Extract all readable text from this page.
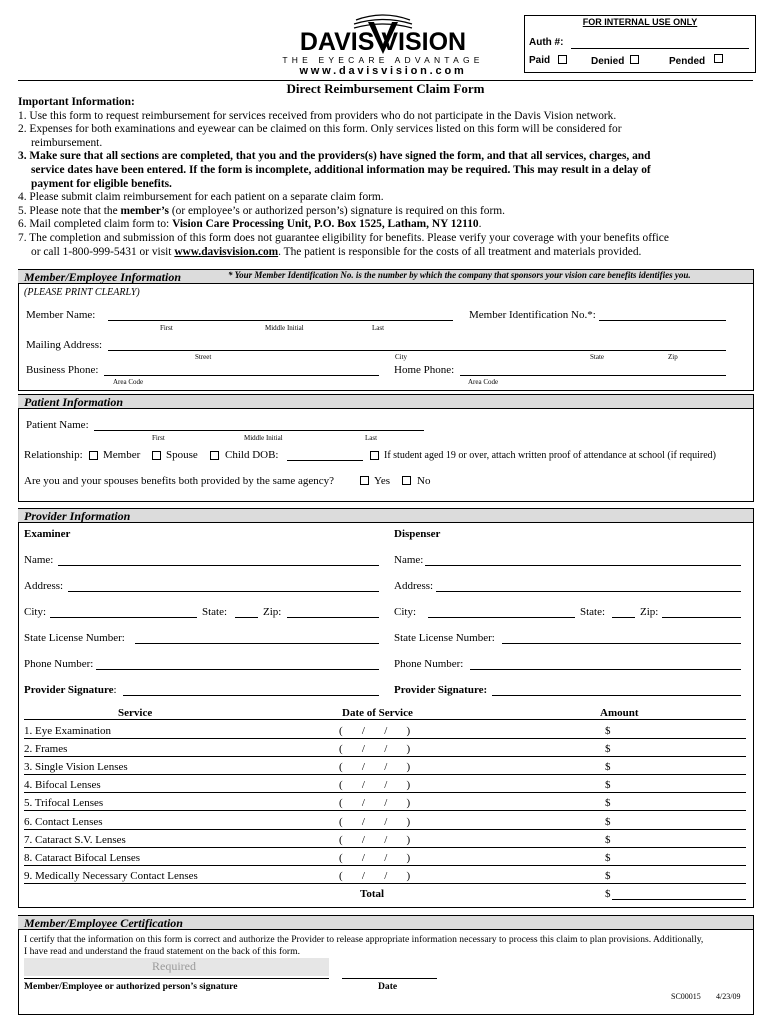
DAVIS VISION
THE EYECARE ADVANTAGE
www.davisvision.com
FOR INTERNAL USE ONLY
Auth #:
Paid	Denied	Pended
Direct Reimbursement Claim Form
Important Information:
1. Use this form to request reimbursement for services received from providers who do not participate in the Davis Vision network.
2. Expenses for both examinations and eyewear can be claimed on this form. Only services listed on this form will be considered for
reimbursement.
3. Make sure that all sections are completed, that you and the providers(s) have signed the form, and that all services, charges, and
service dates have been entered. If the form is incomplete, additional information may be required. This may result in a delay of
payment for eligible benefits.
4. Please submit claim reimbursement for each patient on a separate claim form.
5. Please note that the member’s (or employee’s or authorized person’s) signature is required on this form.
6. Mail completed claim form to: Vision Care Processing Unit, P.O. Box 1525, Latham, NY 12110.
7. The completion and submission of this form does not guarantee eligibility for benefits. Please verify your coverage with your benefits office
or call 1-800-999-5431 or visit www.davisvision.com. The patient is responsible for the costs of all treatment and materials provided.
Member/Employee Information	* Your Member Identification No. is the number by which the company that sponsors your vision care benefits identifies you.
(PLEASE PRINT CLEARLY)
Member Name:
First	Middle Initial	Last
Member Identification No.*:
Mailing Address:
Street	City	State	Zip
Business Phone:
Area Code
Home Phone:
Area Code
Patient Information
Patient Name:
First	Middle Initial	Last
Relationship: Member Spouse Child DOB:	If student aged 19 or over, attach written proof of attendance at school (if required)
Are you and your spouses benefits both provided by the same agency?	Yes No
Provider Information
Examiner	Dispenser
Name:
Address:
City:	State:	Zip:
State License Number:
Phone Number:
Provider Signature:
Name:
Address:
City:	State:	Zip:
State License Number:
Phone Number:
Provider Signature:
Service	Date of Service	Amount
1. Eye Examination	(       /       /       )	$
2. Frames	(       /       /       )	$
3. Single Vision Lenses	(       /       /       )	$
4. Bifocal Lenses	(       /       /       )	$
5. Trifocal Lenses	(       /       /       )	$
6. Contact Lenses	(       /       /       )	$
7. Cataract S.V. Lenses	(       /       /       )	$
8. Cataract Bifocal Lenses	(       /       /       )	$
9. Medically Necessary Contact Lenses	(       /       /       )	$
Total	$
Member/Employee Certification
I certify that the information on this form is correct and authorize the Provider to release appropriate information necessary to process this claim to plan provisions. Additionally,
I have read and understand the fraud statement on the back of this form.
Required
Member/Employee or authorized person’s signature	Date
SC00015 4/23/09
